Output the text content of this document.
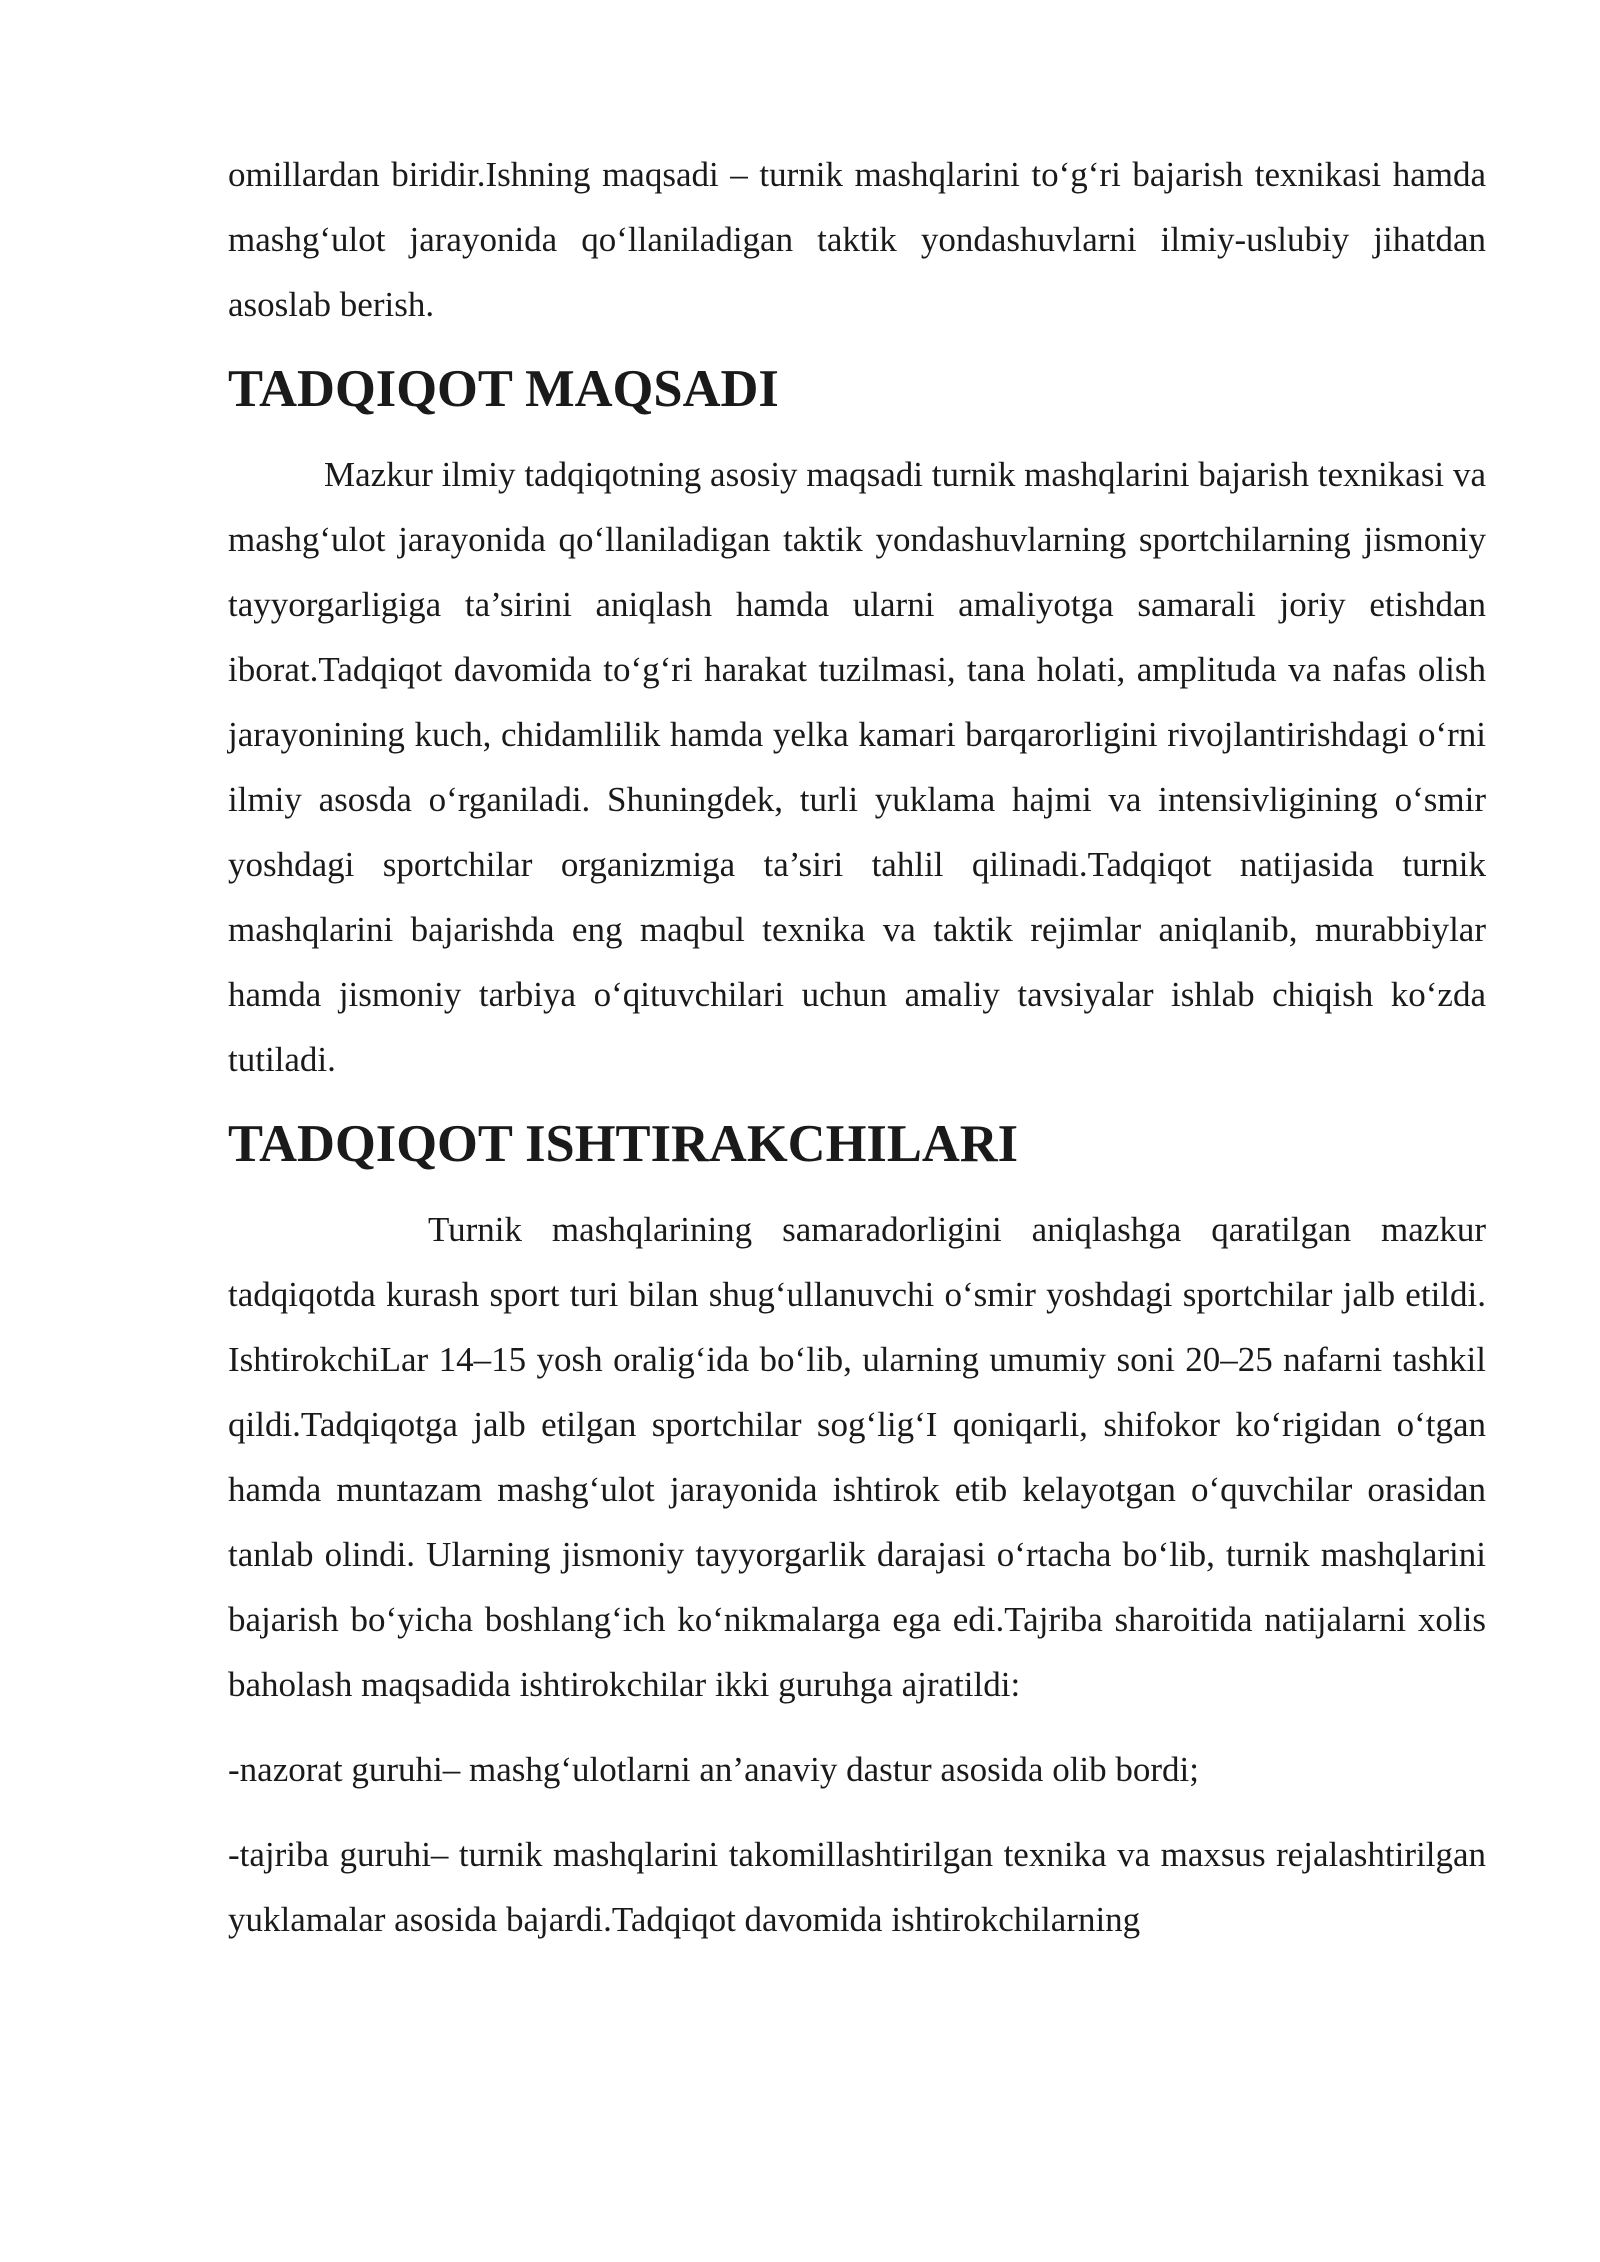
omillardan biridir.Ishning maqsadi – turnik mashqlarini to‘g‘ri bajarish texnikasi hamda mashg‘ulot jarayonida qo‘llaniladigan taktik yondashuvlarni ilmiy-uslubiy jihatdan asoslab berish.

TADQIQOT MAQSADI

Mazkur ilmiy tadqiqotning asosiy maqsadi turnik mashqlarini bajarish texnikasi va mashg‘ulot jarayonida qo‘llaniladigan taktik yondashuvlarning sportchilarning jismoniy tayyorgarligiga ta’sirini aniqlash hamda ularni amaliyotga samarali joriy etishdan iborat.Tadqiqot davomida to‘g‘ri harakat tuzilmasi, tana holati, amplituda va nafas olish jarayonining kuch, chidamlilik hamda yelka kamari barqarorligini rivojlantirishdagi o‘rni ilmiy asosda o‘rganiladi. Shuningdek, turli yuklama hajmi va intensivligining o‘smir yoshdagi sportchilar organizmiga ta’siri tahlil qilinadi.Tadqiqot natijasida turnik mashqlarini bajarishda eng maqbul texnika va taktik rejimlar aniqlanib, murabbiylar hamda jismoniy tarbiya o‘qituvchilari uchun amaliy tavsiyalar ishlab chiqish ko‘zda tutiladi.

TADQIQOT ISHTIRAKCHILARI

Turnik mashqlarining samaradorligini aniqlashga qaratilgan mazkur tadqiqotda kurash sport turi bilan shug‘ullanuvchi o‘smir yoshdagi sportchilar jalb etildi. IshtirokchiLar 14–15 yosh oralig‘ida bo‘lib, ularning umumiy soni 20–25 nafarni tashkil qildi.Tadqiqotga jalb etilgan sportchilar sog‘lig‘I qoniqarli, shifokor ko‘rigidan o‘tgan hamda muntazam mashg‘ulot jarayonida ishtirok etib kelayotgan o‘quvchilar orasidan tanlab olindi. Ularning jismoniy tayyorgarlik darajasi o‘rtacha bo‘lib, turnik mashqlarini bajarish bo‘yicha boshlang‘ich ko‘nikmalarga ega edi.Tajriba sharoitida natijalarni xolis baholash maqsadida ishtirokchilar ikki guruhga ajratildi:

-nazorat guruhi– mashg‘ulotlarni an’anaviy dastur asosida olib bordi;

-tajriba guruhi– turnik mashqlarini takomillashtirilgan texnika va maxsus rejalashtirilgan yuklamalar asosida bajardi.Tadqiqot davomida ishtirokchilarning
